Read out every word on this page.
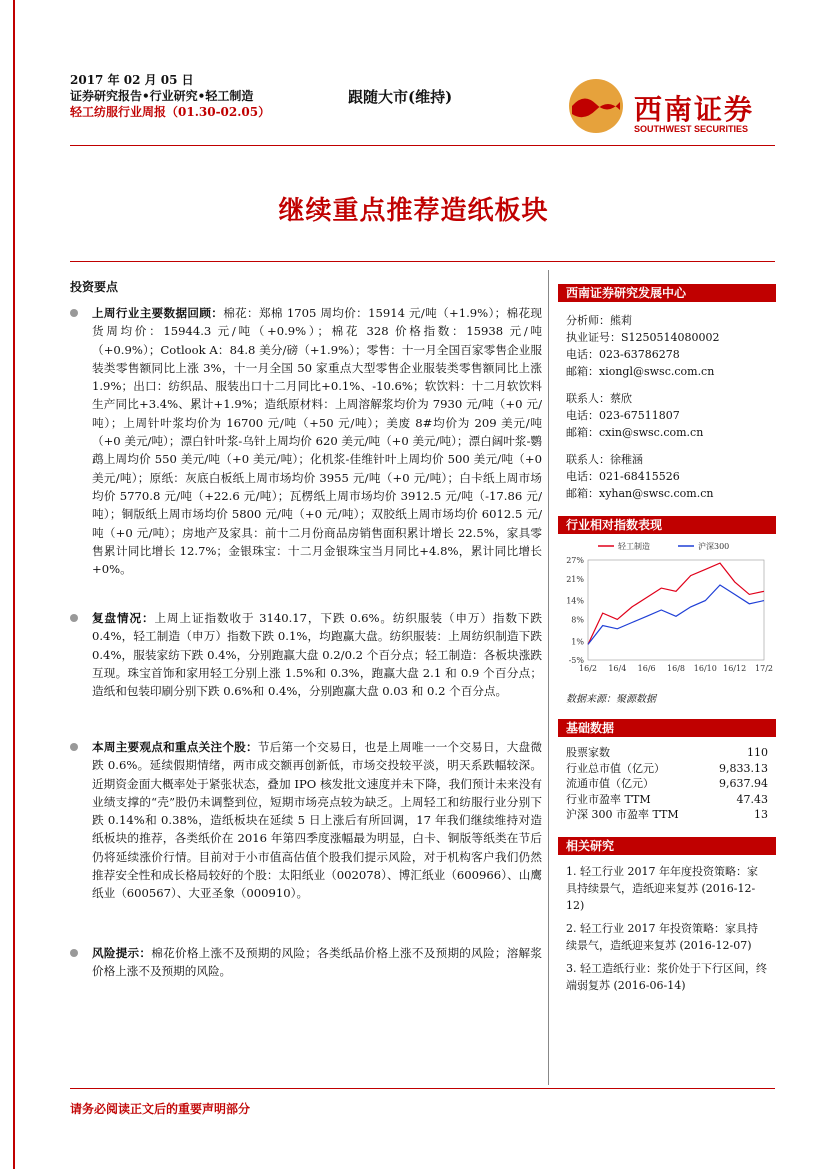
2017 年 02 月 05 日
证券研究报告•行业研究•轻工制造
轻工纺服行业周报（01.30-02.05）
跟随大市(维持)	西南证券
SOUTHWEST SECURITIES
继续重点推荐造纸板块
投资要点
上周行业主要数据回顾：棉花：郑棉 1705 周均价：15914 元/吨（+1.9%）；棉花现货周均价：15944.3 元/吨（+0.9%）；棉花 328 价格指数：15938 元/吨（+0.9%）；Cotlook A：84.8 美分/磅（+1.9%）；零售：十一月全国百家零售企业服装类零售额同比上涨 3%，十一月全国 50 家重点大型零售企业服装类零售额同比上涨 1.9%；出口：纺织品、服装出口十二月同比+0.1%、-10.6%；软饮料：十二月软饮料生产同比+3.4%、累计+1.9%；造纸原材料：上周溶解浆均价为 7930 元/吨（+0 元/吨）；上周针叶浆均价为 16700 元/吨（+50 元/吨）；美废 8#均价为 209 美元/吨（+0 美元/吨）；漂白针叶浆-乌针上周均价 620 美元/吨（+0 美元/吨）；漂白阔叶浆-鹦鹉上周均价 550 美元/吨（+0 美元/吨）；化机浆-佳维针叶上周均价 500 美元/吨（+0 美元/吨）；原纸：灰底白板纸上周市场均价 3955 元/吨（+0 元/吨）；白卡纸上周市场均价 5770.8 元/吨（+22.6 元/吨）；瓦楞纸上周市场均价 3912.5 元/吨（-17.86 元/吨）；铜版纸上周市场均价 5800 元/吨（+0 元/吨）；双胶纸上周市场均价 6012.5 元/吨（+0 元/吨）；房地产及家具：前十二月份商品房销售面积累计增长 22.5%，家具零售累计同比增长 12.7%；金银珠宝：十二月金银珠宝当月同比+4.8%，累计同比增长+0%。
复盘情况：上周上证指数收于 3140.17，下跌 0.6%。纺织服装（申万）指数下跌 0.4%，轻工制造（申万）指数下跌 0.1%，均跑赢大盘。纺织服装：上周纺织制造下跌 0.4%，服装家纺下跌 0.4%，分别跑赢大盘 0.2/0.2 个百分点；轻工制造：各板块涨跌互现。珠宝首饰和家用轻工分别上涨 1.5%和 0.3%，跑赢大盘 2.1 和 0.9 个百分点；造纸和包装印刷分别下跌 0.6%和 0.4%，分别跑赢大盘 0.03 和 0.2 个百分点。
本周主要观点和重点关注个股：节后第一个交易日，也是上周唯一一个交易日，大盘微跌 0.6%。延续假期情绪，两市成交额再创新低，市场交投较平淡，明天系跌幅较深。近期资金面大概率处于紧张状态，叠加 IPO 核发批文速度并未下降，我们预计未来没有业绩支撑的“壳”股仍未调整到位，短期市场亮点较为缺乏。上周轻工和纺服行业分别下跌 0.14%和 0.38%，造纸板块在延续 5 日上涨后有所回调，17 年我们继续维持对造纸板块的推荐，各类纸价在 2016 年第四季度涨幅最为明显，白卡、铜版等纸类在节后仍将延续涨价行情。目前对于小市值高估值个股我们提示风险，对于机构客户我们仍然推荐安全性和成长格局较好的个股：太阳纸业（002078）、博汇纸业（600966）、山鹰纸业（600567）、大亚圣象（000910）。
风险提示：棉花价格上涨不及预期的风险；各类纸品价格上涨不及预期的风险；溶解浆价格上涨不及预期的风险。
西南证券研究发展中心
分析师：熊莉
执业证号：S1250514080002
电话：023-63786278
邮箱：xiongl@swsc.com.cn
联系人：蔡欣
电话：023-67511807
邮箱：cxin@swsc.com.cn
联系人：徐稚涵
电话：021-68415526
邮箱：xyhan@swsc.com.cn
行业相对指数表现
27%
21%
14%
8%
1%
-5%
16/2 16/4 16/6 16/8 16/10 16/12 17/2
轻工制造	沪深300
数据来源：聚源数据
基础数据
股票家数	110
行业总市值（亿元）	9,833.13
流通市值（亿元）	9,637.94
行业市盈率 TTM	47.43
沪深 300 市盈率 TTM	13
相关研究
1. 轻工行业 2017 年年度投资策略：家具持续景气，造纸迎来复苏 (2016-12-12)
2. 轻工行业 2017 年投资策略：家具持续景气，造纸迎来复苏 (2016-12-07)
3. 轻工造纸行业：浆价处于下行区间，终端弱复苏 (2016-06-14)
请务必阅读正文后的重要声明部分
